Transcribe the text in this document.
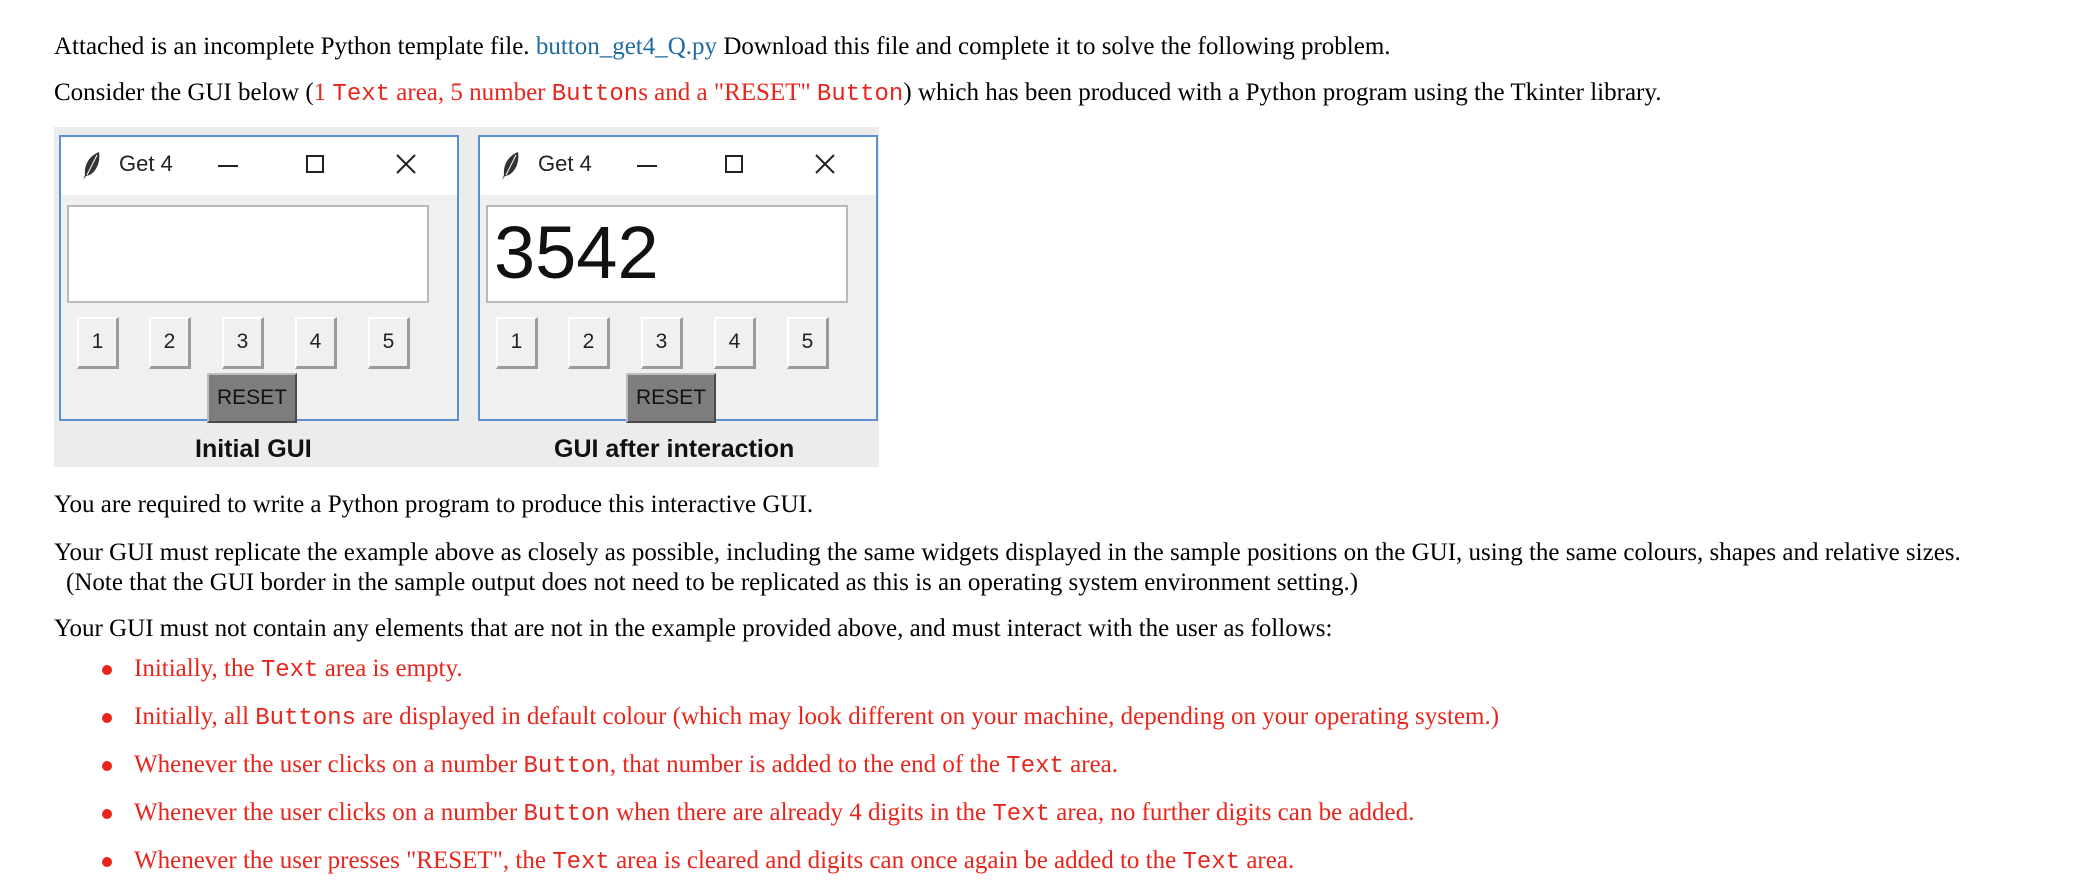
Attached is an incomplete Python template file. button_get4_Q.py Download this file and complete it to solve the following problem.
Consider the GUI below (1 Text area, 5 number Buttons and a "RESET" Button) which has been produced with a Python program using the Tkinter library.
Get 4
1	2	3	4	5
RESET
Initial GUI
Get 4
3542
1	2	3	4	5
RESET
GUI after interaction
You are required to write a Python program to produce this interactive GUI.
Your GUI must replicate the example above as closely as possible, including the same widgets displayed in the sample positions on the GUI, using the same colours, shapes and relative sizes.
(Note that the GUI border in the sample output does not need to be replicated as this is an operating system environment setting.)
Your GUI must not contain any elements that are not in the example provided above, and must interact with the user as follows:
Initially, the Text area is empty.
Initially, all Buttons are displayed in default colour (which may look different on your machine, depending on your operating system.)
Whenever the user clicks on a number Button, that number is added to the end of the Text area.
Whenever the user clicks on a number Button when there are already 4 digits in the Text area, no further digits can be added.
Whenever the user presses "RESET", the Text area is cleared and digits can once again be added to the Text area.
